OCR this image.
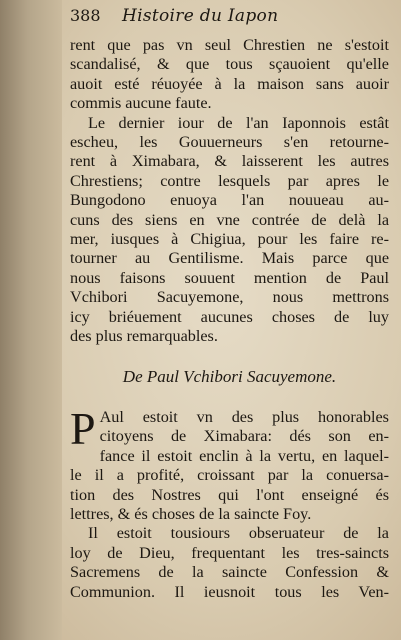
388	Histoire du Iapon
rent que pas vn seul Chrestien ne s'estoit
scandalisé, & que tous sçauoient qu'elle
auoit esté réuoyée à la maison sans auoir
commis aucune faute.
Le dernier iour de l'an Iaponnois estât
escheu, les Gouuerneurs s'en retourne-
rent à Ximabara, & laisserent les autres
Chrestiens; contre lesquels par apres le
Bungodono enuoya l'an nouueau au-
cuns des siens en vne contrée de delà la
mer, iusques à Chigiua, pour les faire re-
tourner au Gentilisme. Mais parce que
nous faisons souuent mention de Paul
Vchibori Sacuyemone, nous mettrons
icy briéuement aucunes choses de luy
des plus remarquables.
De Paul Vchibori Sacuyemone.
P Aul estoit vn des plus honorables
citoyens de Ximabara: dés son en-
fance il estoit enclin à la vertu, en laquel-
le il a profité, croissant par la conuersa-
tion des Nostres qui l'ont enseigné és
lettres, & és choses de la saincte Foy.
Il estoit tousiours obseruateur de la
loy de Dieu, frequentant les tres-saincts
Sacremens de la saincte Confession &
Communion. Il ieusnoit tous les Ven-
